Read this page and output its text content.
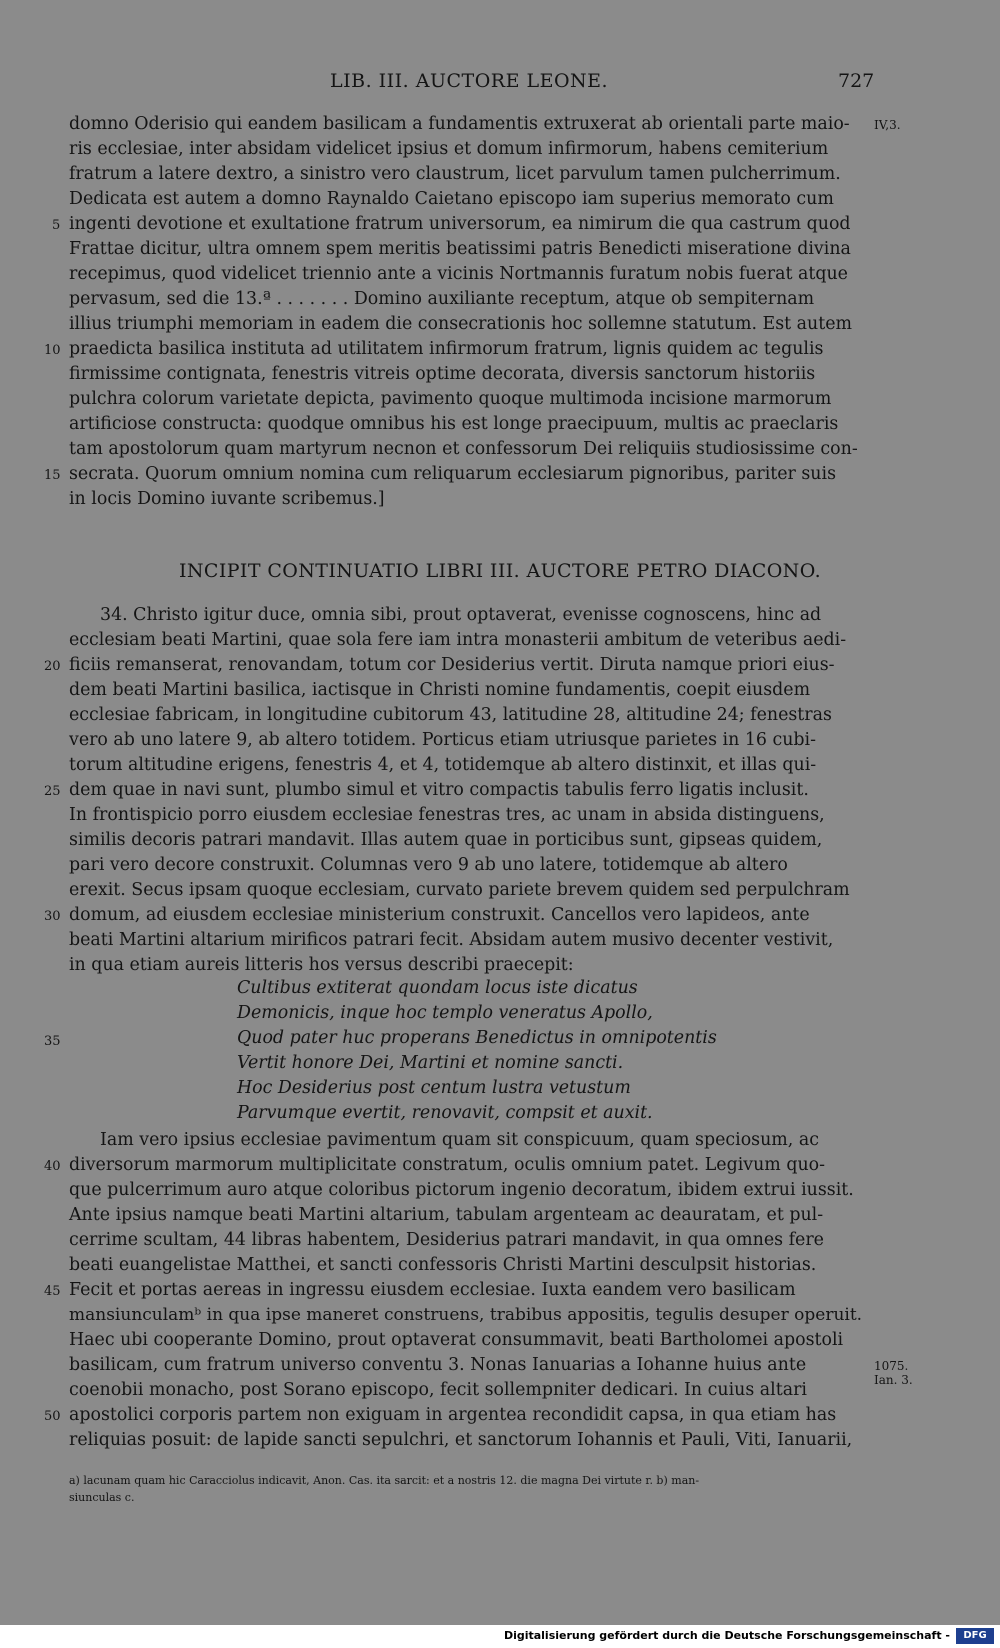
LIB. III. AUCTORE LEONE.	727
domno Oderisio qui eandem basilicam a fundamentis extruxerat ab orientali parte maio-
ris ecclesiae, inter absidam videlicet ipsius et domum infirmorum, habens cemiterium
fratrum a latere dextro, a sinistro vero claustrum, licet parvulum tamen pulcherrimum.
Dedicata est autem a domno Raynaldo Caietano episcopo iam superius memorato cum
ingenti devotione et exultatione fratrum universorum, ea nimirum die qua castrum quod
Frattae dicitur, ultra omnem spem meritis beatissimi patris Benedicti miseratione divina
recepimus, quod videlicet triennio ante a vicinis Nortmannis furatum nobis fuerat atque
pervasum, sed die 13.ª . . . . . . . Domino auxiliante receptum, atque ob sempiternam
illius triumphi memoriam in eadem die consecrationis hoc sollemne statutum. Est autem
praedicta basilica instituta ad utilitatem infirmorum fratrum, lignis quidem ac tegulis
firmissime contignata, fenestris vitreis optime decorata, diversis sanctorum historiis
pulchra colorum varietate depicta, pavimento quoque multimoda incisione marmorum
artificiose constructa: quodque omnibus his est longe praecipuum, multis ac praeclaris
tam apostolorum quam martyrum necnon et confessorum Dei reliquiis studiosissime con-
secrata. Quorum omnium nomina cum reliquarum ecclesiarum pignoribus, pariter suis
in locis Domino iuvante scribemus.]
INCIPIT CONTINUATIO LIBRI III. AUCTORE PETRO DIACONO.
34. Christo igitur duce, omnia sibi, prout optaverat, evenisse cognoscens, hinc ad
ecclesiam beati Martini, quae sola fere iam intra monasterii ambitum de veteribus aedi-
ficiis remanserat, renovandam, totum cor Desiderius vertit. Diruta namque priori eius-
dem beati Martini basilica, iactisque in Christi nomine fundamentis, coepit eiusdem
ecclesiae fabricam, in longitudine cubitorum 43, latitudine 28, altitudine 24; fenestras
vero ab uno latere 9, ab altero totidem. Porticus etiam utriusque parietes in 16 cubi-
torum altitudine erigens, fenestris 4, et 4, totidemque ab altero distinxit, et illas qui-
dem quae in navi sunt, plumbo simul et vitro compactis tabulis ferro ligatis inclusit.
In frontispicio porro eiusdem ecclesiae fenestras tres, ac unam in absida distinguens,
similis decoris patrari mandavit. Illas autem quae in porticibus sunt, gipseas quidem,
pari vero decore construxit. Columnas vero 9 ab uno latere, totidemque ab altero
erexit. Secus ipsam quoque ecclesiam, curvato pariete brevem quidem sed perpulchram
domum, ad eiusdem ecclesiae ministerium construxit. Cancellos vero lapideos, ante
beati Martini altarium mirificos patrari fecit. Absidam autem musivo decenter vestivit,
in qua etiam aureis litteris hos versus describi praecepit:
Cultibus extiterat quondam locus iste dicatus
Demonicis, inque hoc templo veneratus Apollo,
Quod pater huc properans Benedictus in omnipotentis
Vertit honore Dei, Martini et nomine sancti.
Hoc Desiderius post centum lustra vetustum
Parvumque evertit, renovavit, compsit et auxit.
Iam vero ipsius ecclesiae pavimentum quam sit conspicuum, quam speciosum, ac
diversorum marmorum multiplicitate constratum, oculis omnium patet. Legivum quo-
que pulcerrimum auro atque coloribus pictorum ingenio decoratum, ibidem extrui iussit.
Ante ipsius namque beati Martini altarium, tabulam argenteam ac deauratam, et pul-
cerrime scultam, 44 libras habentem, Desiderius patrari mandavit, in qua omnes fere
beati euangelistae Matthei, et sancti confessoris Christi Martini desculpsit historias.
Fecit et portas aereas in ingressu eiusdem ecclesiae. Iuxta eandem vero basilicam
mansiunculamᵇ in qua ipse maneret construens, trabibus appositis, tegulis desuper operuit.
Haec ubi cooperante Domino, prout optaverat consummavit, beati Bartholomei apostoli
basilicam, cum fratrum universo conventu 3. Nonas Ianuarias a Iohanne huius ante
coenobii monacho, post Sorano episcopo, fecit sollempniter dedicari. In cuius altari
apostolici corporis partem non exiguam in argentea recondidit capsa, in qua etiam has
reliquias posuit: de lapide sancti sepulchri, et sanctorum Iohannis et Pauli, Viti, Ianuarii,
5
10
15
20
25
30
35
40
45
50
IV,3.
1075.
Ian. 3.
a) lacunam quam hic Caracciolus indicavit, Anon. Cas. ita sarcit: et a nostris 12. die magna Dei virtute r. b) man-
siunculas c.
Digitalisierung gefördert durch die Deutsche Forschungsgemeinschaft -	DFG
